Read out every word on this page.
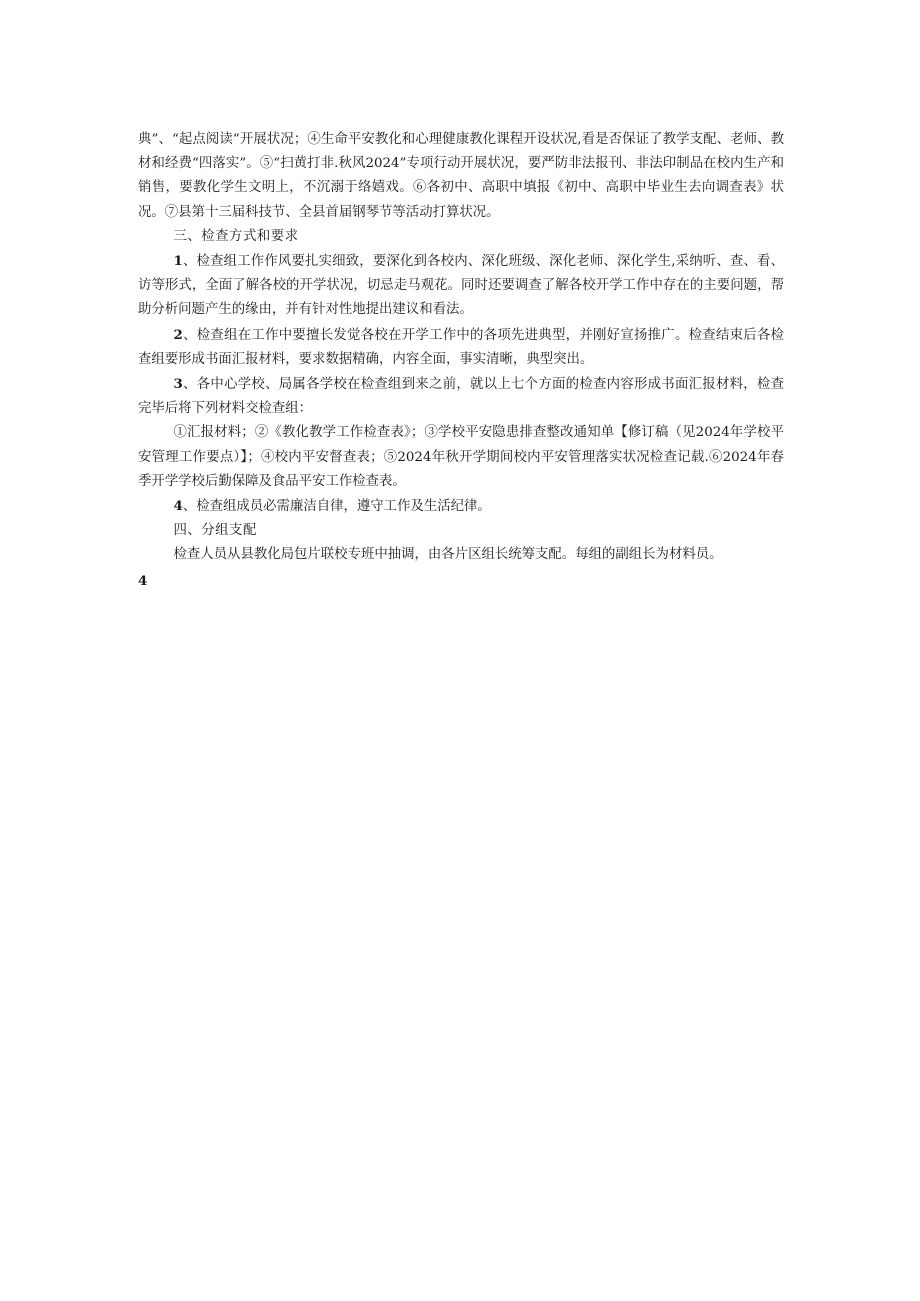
典”、“起点阅读”开展状况；④生命平安教化和心理健康教化课程开设状况,看是否保证了教学支配、老师、教材和经费“四落实”。⑤“扫黄打非.秋风2024”专项行动开展状况，要严防非法报刊、非法印制品在校内生产和销售，要教化学生文明上，不沉溺于络嬉戏。⑥各初中、高职中填报《初中、高职中毕业生去向调查表》状况。⑦县第十三届科技节、全县首届钢琴节等活动打算状况。

三、检查方式和要求

1、检查组工作作风要扎实细致，要深化到各校内、深化班级、深化老师、深化学生,采纳听、查、看、访等形式，全面了解各校的开学状况，切忌走马观花。同时还要调查了解各校开学工作中存在的主要问题，帮助分析问题产生的缘由，并有针对性地提出建议和看法。

2、检查组在工作中要擅长发觉各校在开学工作中的各项先进典型，并刚好宣扬推广。检查结束后各检查组要形成书面汇报材料，要求数据精确，内容全面，事实清晰，典型突出。

3、各中心学校、局属各学校在检查组到来之前，就以上七个方面的检查内容形成书面汇报材料，检查完毕后将下列材料交检查组：

①汇报材料；②《教化教学工作检查表》；③学校平安隐患排查整改通知单【修订稿（见2024年学校平安管理工作要点）】；④校内平安督查表；⑤2024年秋开学期间校内平安管理落实状况检查记载.⑥2024年春季开学学校后勤保障及食品平安工作检查表。

4、检查组成员必需廉洁自律，遵守工作及生活纪律。

四、分组支配

检查人员从县教化局包片联校专班中抽调，由各片区组长统筹支配。每组的副组长为材料员。

4
